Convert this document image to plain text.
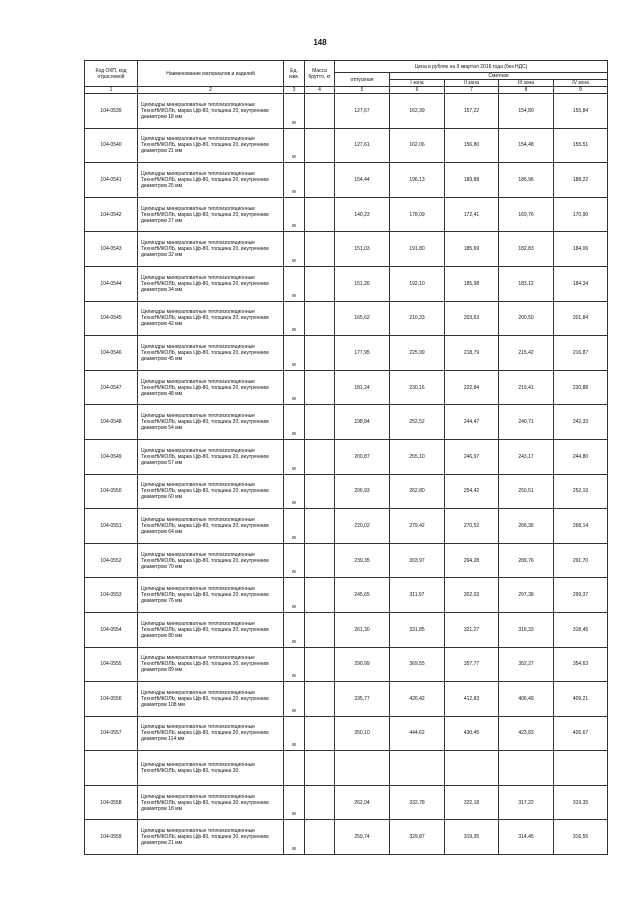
148
Код ОКП, код отраслевой	Наименование материалов и изделий	Ед. изм.	Масса брутто, кг	Цена в рублях на II квартал 2016 года (без НДС)				
				отпускная	Сметная			
					I зона	II зона	III зона	IV зона

1	2	3	4	5	6	7	8	9
104-0539	Цилиндры минераловатные теплоизоляционные ТехноНИКОЛЬ, марка Цф-80, толщина 20, внутренним диаметром 18 мм	м		127,67	162,39	157,22	154,80	155,84
104-0540	Цилиндры минераловатные теплоизоляционные ТехноНИКОЛЬ, марка Цф-80, толщина 20, внутренним диаметром 21 мм	м		127,61	162,06	156,80	154,48	155,51
104-0541	Цилиндры минераловатные теплоизоляционные ТехноНИКОЛЬ, марка Цф-80, толщина 20, внутренним диаметром 25 мм	м		154,44	196,13	189,88	186,96	188,22
104-0542	Цилиндры минераловатные теплоизоляционные ТехноНИКОЛЬ, марка Цф-80, толщина 20, внутренним диаметром 27 мм	м		140,23	178,09	172,41	169,76	170,90
104-0543	Цилиндры минераловатные теплоизоляционные ТехноНИКОЛЬ, марка Цф-80, толщина 20, внутренним диаметром 32 мм	м		151,03	191,80	185,69	182,83	184,06
104-0544	Цилиндры минераловатные теплоизоляционные ТехноНИКОЛЬ, марка Цф-80, толщина 20, внутренним диаметром 34 мм	м		151,26	192,10	185,98	183,12	184,34
104-0545	Цилиндры минераловатные теплоизоляционные ТехноНИКОЛЬ, марка Цф-80, толщина 20, внутренним диаметром 42 мм	м		165,62	210,33	203,63	200,50	201,84
104-0546	Цилиндры минераловатные теплоизоляционные ТехноНИКОЛЬ, марка Цф-80, толщина 20, внутренним диаметром 45 мм	м		177,95	225,99	218,79	215,42	216,87
104-0547	Цилиндры минераловатные теплоизоляционные ТехноНИКОЛЬ, марка Цф-80, толщина 20, внутренним диаметром 48 мм	м		181,24	230,16	222,84	219,41	220,88
104-0548	Цилиндры минераловатные теплоизоляционные ТехноНИКОЛЬ, марка Цф-80, толщина 20, внутренним диаметром 54 мм	м		198,84	252,52	244,47	240,71	242,33
104-0549	Цилиндры минераловатные теплоизоляционные ТехноНИКОЛЬ, марка Цф-80, толщина 20, внутренним диаметром 57 мм	м		200,87	255,10	246,97	243,17	244,80
104-0550	Цилиндры минераловатные теплоизоляционные ТехноНИКОЛЬ, марка Цф-80, толщина 20, внутренним диаметром 60 мм	м		206,93	262,80	254,42	250,51	252,19
104-0551	Цилиндры минераловатные теплоизоляционные ТехноНИКОЛЬ, марка Цф-80, толщина 20, внутренним диаметром 64 мм	м		220,02	279,42	270,52	266,36	268,14
104-0552	Цилиндры минераловатные теплоизоляционные ТехноНИКОЛЬ, марка Цф-80, толщина 20, внутренним диаметром 70 мм	м		239,35	303,97	294,28	289,76	291,70
104-0553	Цилиндры минераловатные теплоизоляционные ТехноНИКОЛЬ, марка Цф-80, толщина 20, внутренним диаметром 76 мм	м		245,65	311,97	302,03	297,38	299,37
104-0554	Цилиндры минераловатные теплоизоляционные ТехноНИКОЛЬ, марка Цф-80, толщина 20, внутренним диаметром 80 мм	м		261,30	331,85	321,27	316,33	318,45
104-0555	Цилиндры минераловатные теплоизоляционные ТехноНИКОЛЬ, марка Цф-80, толщина 20, внутренним диаметром 89 мм	м		290,99	369,55	357,77	352,27	354,63
104-0556	Цилиндры минераловатные теплоизоляционные ТехноНИКОЛЬ, марка Цф-80, толщина 20, внутренним диаметром 108 мм	м		335,77	426,42	412,83	406,49	409,21
104-0557	Цилиндры минераловатные теплоизоляционные ТехноНИКОЛЬ, марка Цф-80, толщина 20, внутренним диаметром 114 мм	м		350,10	444,62	430,45	423,83	426,67
	Цилиндры минераловатные теплоизоляционные ТехноНИКОЛЬ, марка Цф-80, толщина 30,							
104-0558	Цилиндры минераловатные теплоизоляционные ТехноНИКОЛЬ, марка Цф-80, толщина 30, внутренним диаметром 18 мм	м		262,04	332,78	322,18	317,22	319,35
104-0559	Цилиндры минераловатные теплоизоляционные ТехноНИКОЛЬ, марка Цф-80, толщина 30, внутренним диаметром 21 мм	м		259,74	329,87	319,35	314,45	316,55
